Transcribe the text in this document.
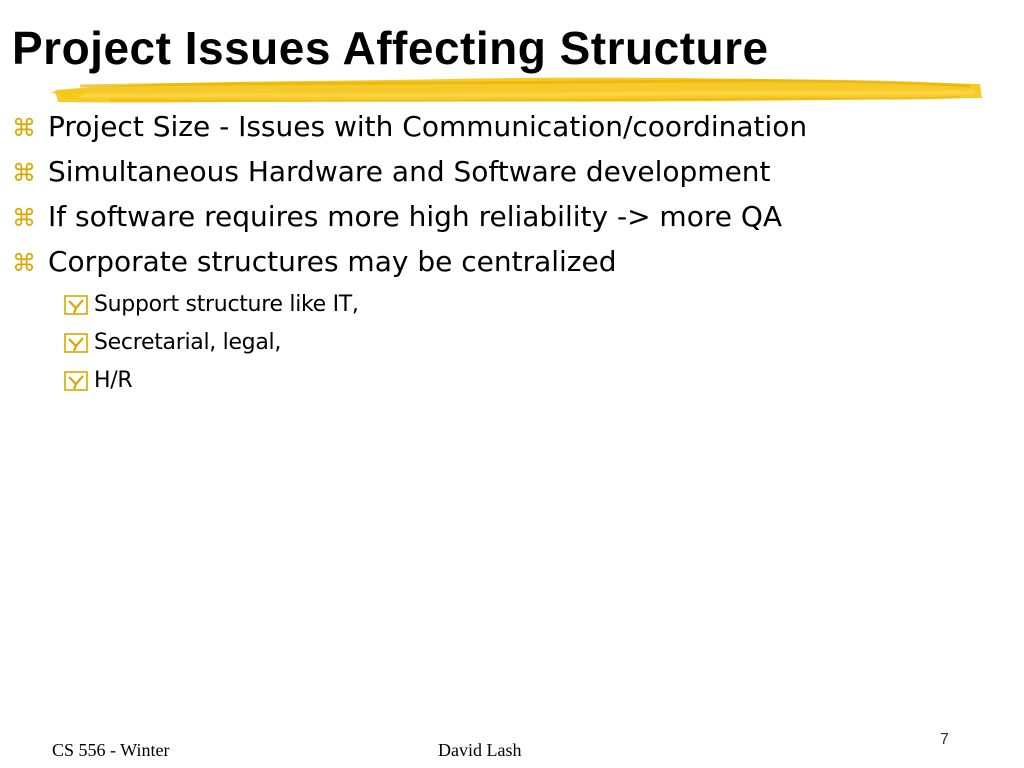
Project Issues Affecting Structure
⌘ Project Size - Issues with Communication/coordination
⌘ Simultaneous Hardware and Software development
⌘ If software requires more high reliability -> more QA
⌘ Corporate structures may be centralized
Support structure like IT,
Secretarial, legal,
H/R
CS 556 - Winter	David Lash
7
